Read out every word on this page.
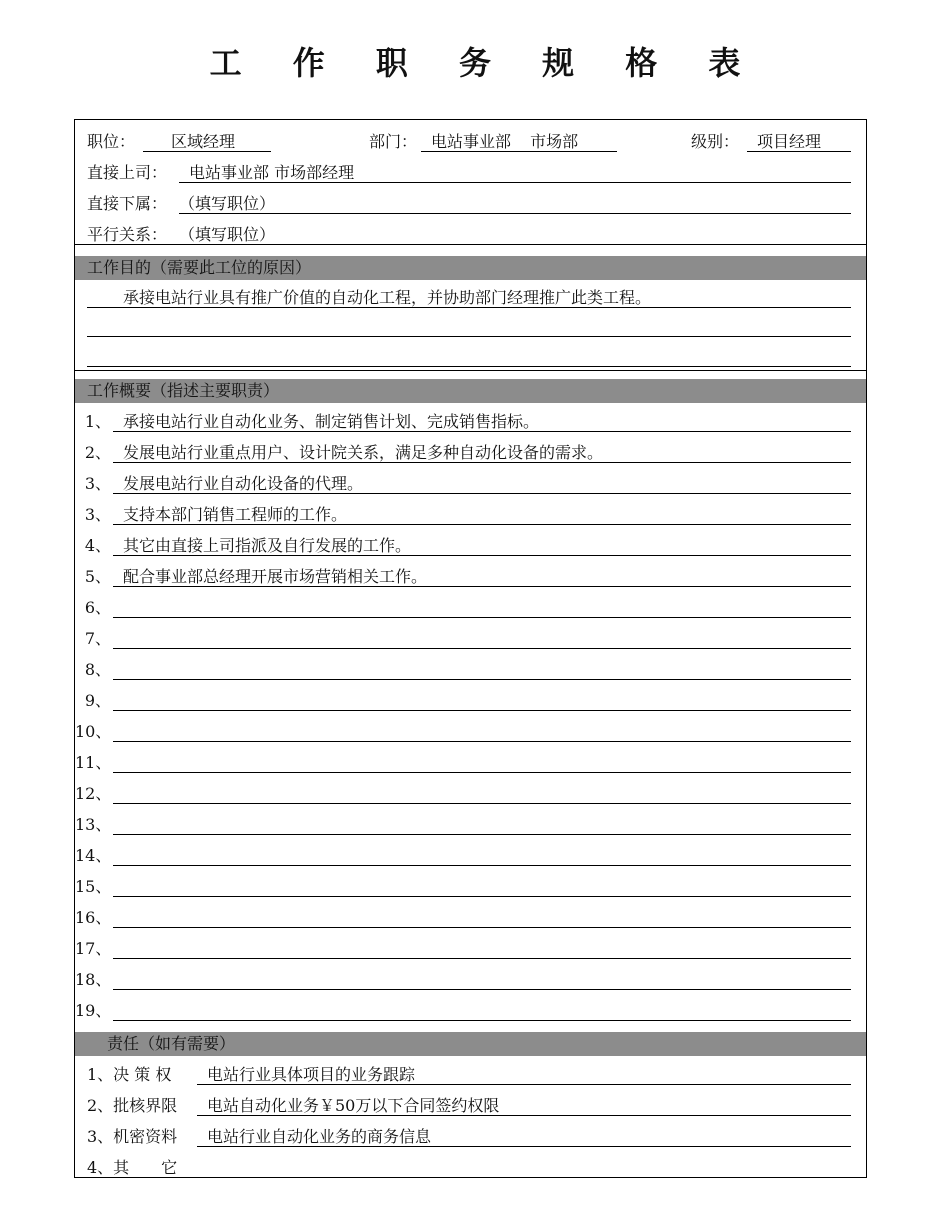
工 作 职 务 规 格 表
职位： 区域经理	部门： 电站事业部 市场部	级别： 项目经理
直接上司： 电站事业部 市场部经理
直接下属： （填写职位）
平行关系： （填写职位）
工作目的（需要此工位的原因）
承接电站行业具有推广价值的自动化工程，并协助部门经理推广此类工程。
工作概要（指述主要职责）
1、 承接电站行业自动化业务、制定销售计划、完成销售指标。
2、 发展电站行业重点用户、设计院关系，满足多种自动化设备的需求。
3、 发展电站行业自动化设备的代理。
3、 支持本部门销售工程师的工作。
4、 其它由直接上司指派及自行发展的工作。
5、 配合事业部总经理开展市场营销相关工作。
6、
7、
8、
9、
10、
11、
12、
13、
14、
15、
16、
17、
18、
19、
责任（如有需要）
1、决 策 权 电站行业具体项目的业务跟踪
2、批核界限 电站自动化业务￥50万以下合同签约权限
3、机密资料 电站行业自动化业务的商务信息
4、其　　它
